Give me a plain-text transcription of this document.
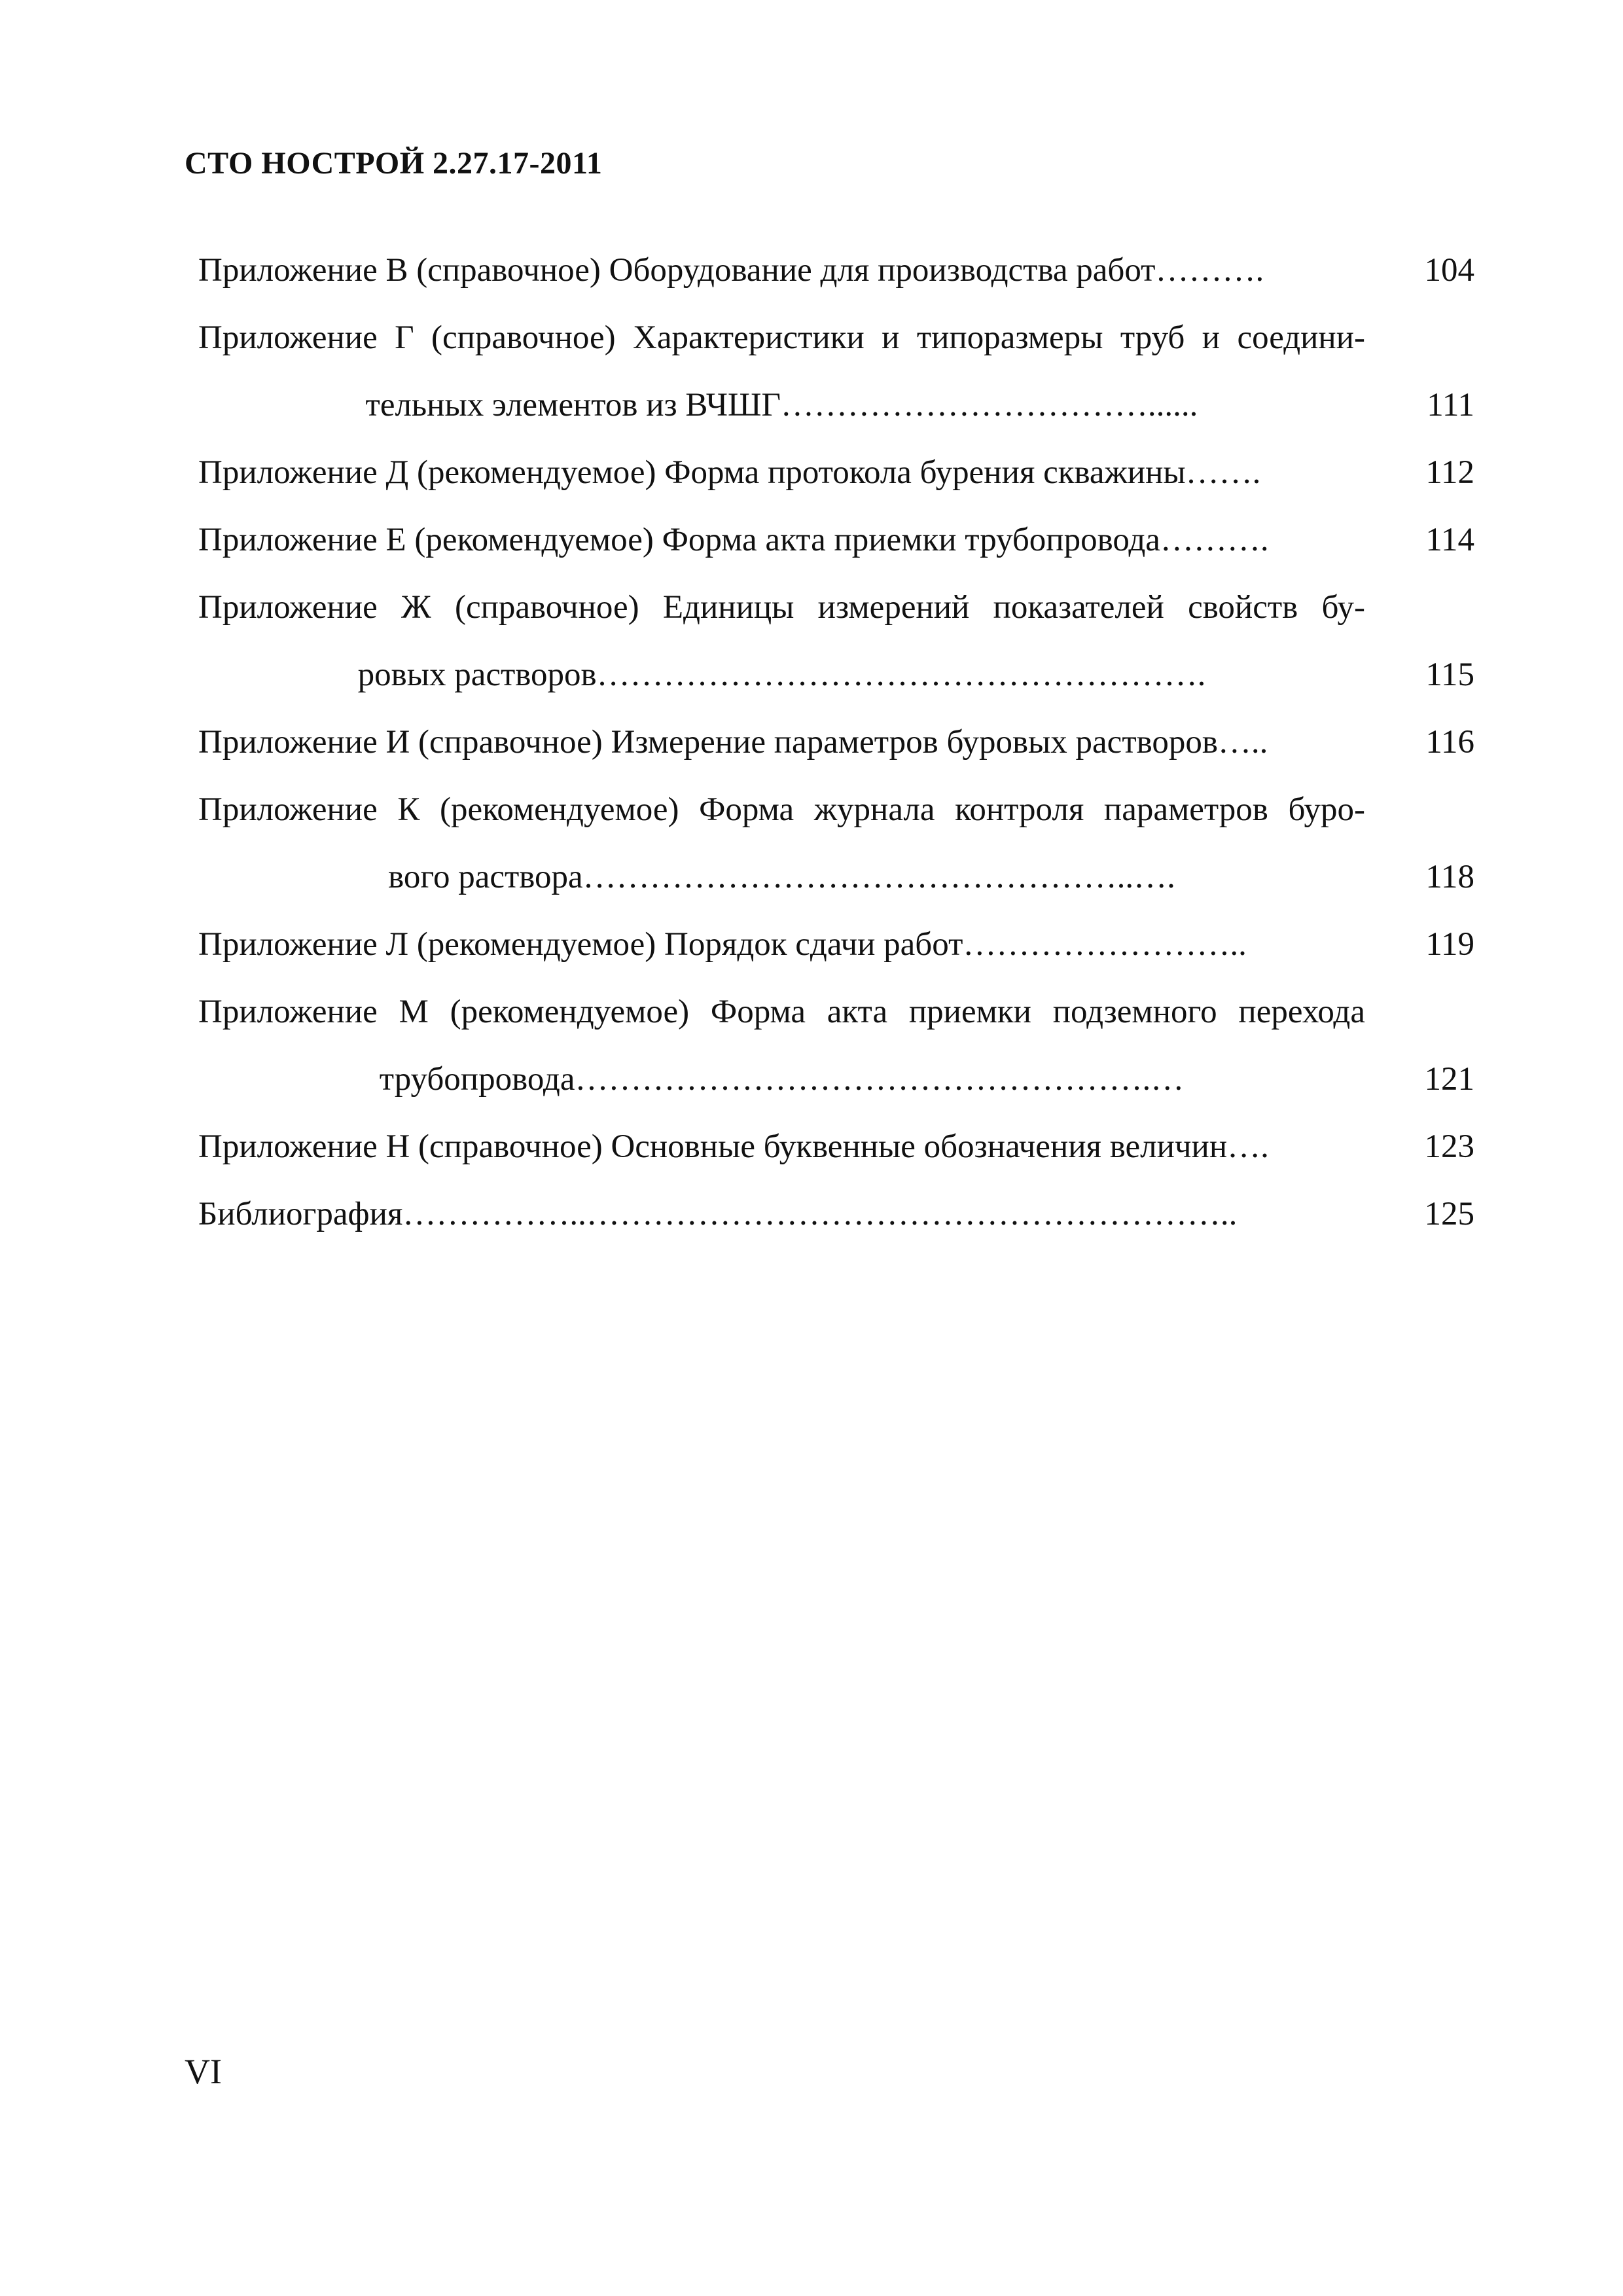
СТО НОСТРОЙ 2.27.17-2011
Приложение В (справочное) Оборудование для производства работ……….	104
Приложение Г (справочное) Характеристики и типоразмеры труб и соедини-
тельных элементов из ВЧШГ……………………………......	111
Приложение Д (рекомендуемое) Форма протокола бурения скважины…….	112
Приложение Е (рекомендуемое) Форма акта приемки трубопровода……….	114
Приложение Ж (справочное) Единицы измерений показателей свойств бу-
ровых растворов……………………………………………….	115
Приложение И (справочное) Измерение параметров буровых растворов…..	116
Приложение К (рекомендуемое) Форма журнала контроля параметров буро-
вого раствора…………………………………………..….	118
Приложение Л (рекомендуемое) Порядок сдачи работ……………………..	119
Приложение М (рекомендуемое) Форма акта приемки подземного перехода
трубопровода…………………………………………….…	121
Приложение Н (справочное) Основные буквенные обозначения величин….	123
Библиография……………..…………………………………………………..	125
VI
